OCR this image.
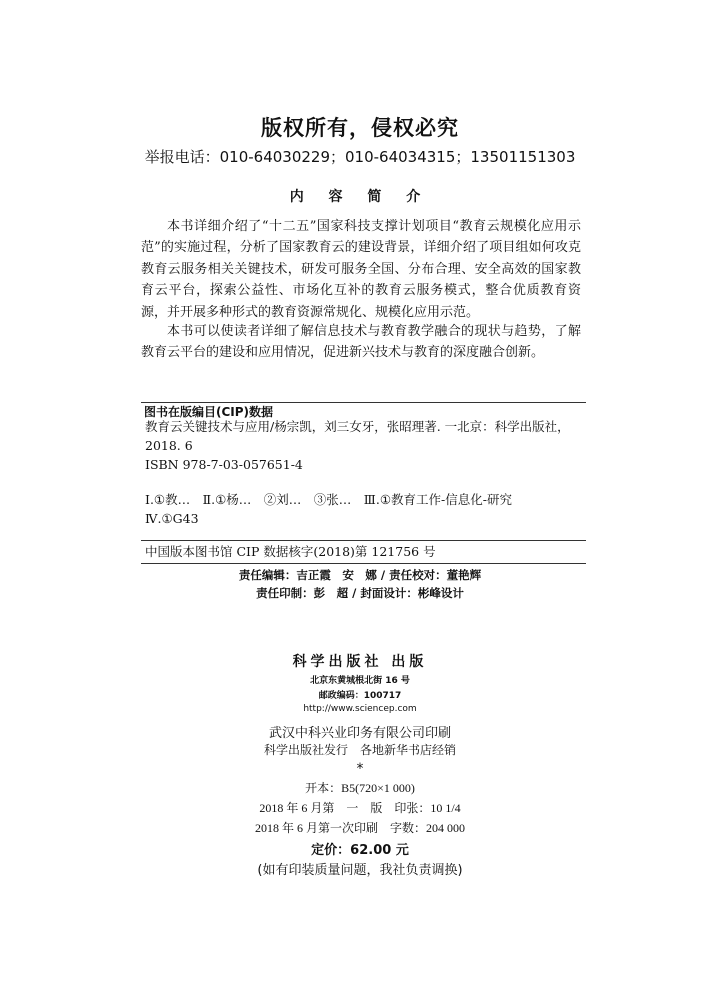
版权所有，侵权必究
举报电话：010-64030229；010-64034315；13501151303
内 容 简 介
本书详细介绍了“十二五”国家科技支撑计划项目“教育云规模化应用示范”的实施过程，分析了国家教育云的建设背景，详细介绍了项目组如何攻克教育云服务相关关键技术，研发可服务全国、分布合理、安全高效的国家教育云平台，探索公益性、市场化互补的教育云服务模式，整合优质教育资源，并开展多种形式的教育资源常规化、规模化应用示范。
本书可以使读者详细了解信息技术与教育教学融合的现状与趋势，了解教育云平台的建设和应用情况，促进新兴技术与教育的深度融合创新。
图书在版编目(CIP)数据
教育云关键技术与应用/杨宗凯，刘三女牙，张昭理著. 一北京：科学出版社，
2018. 6
ISBN 978-7-03-057651-4
Ⅰ.①教…　Ⅱ.①杨…　②刘…　③张…　Ⅲ.①教育工作-信息化-研究
Ⅳ.①G43
中国版本图书馆 CIP 数据核字(2018)第 121756 号
责任编辑：吉正霞　安　娜 / 责任校对：董艳辉
责任印制：彭　超 / 封面设计：彬峰设计
科学出版社 出版
北京东黄城根北街 16 号
邮政编码：100717
http://www.sciencep.com
武汉中科兴业印务有限公司印刷
科学出版社发行　各地新华书店经销
*
开本：B5(720×1 000)
2018 年 6 月第　一　版　印张：10 1/4
2018 年 6 月第一次印刷　字数：204 000
定价：62.00 元
(如有印装质量问题，我社负责调换)
